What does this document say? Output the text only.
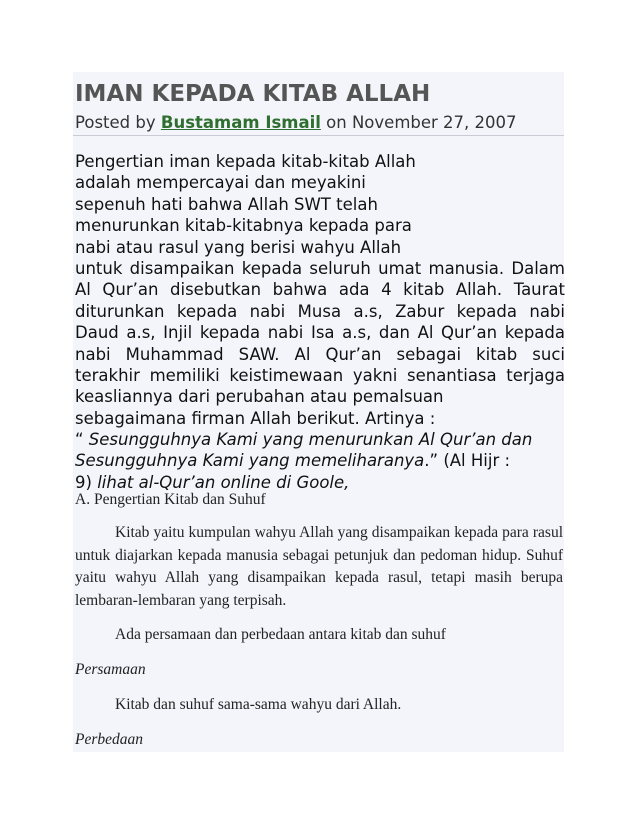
IMAN KEPADA KITAB ALLAH
Posted by Bustamam Ismail on November 27, 2007
Pengertian iman kepada kitab-kitab Allah
adalah mempercayai dan meyakini
sepenuh hati bahwa Allah SWT telah
menurunkan kitab-kitabnya kepada para
nabi atau rasul yang berisi wahyu Allah
untuk disampaikan kepada seluruh umat manusia. Dalam
Al Qur’an disebutkan bahwa ada 4 kitab Allah. Taurat
diturunkan kepada nabi Musa a.s, Zabur kepada nabi
Daud a.s, Injil kepada nabi Isa a.s, dan Al Qur’an kepada
nabi Muhammad SAW. Al Qur’an sebagai kitab suci
terakhir memiliki keistimewaan yakni senantiasa terjaga
keasliannya dari perubahan atau pemalsuan
sebagaimana firman Allah berikut. Artinya :
“ Sesungguhnya Kami yang menurunkan Al Qur’an dan
Sesungguhnya Kami yang memeliharanya.” (Al Hijr :
9) lihat al-Qur’an online di Goole,
A. Pengertian Kitab dan Suhuf

Kitab yaitu kumpulan wahyu Allah yang disampaikan kepada para rasul untuk diajarkan kepada manusia sebagai petunjuk dan pedoman hidup. Suhuf yaitu wahyu Allah yang disampaikan kepada rasul, tetapi masih berupa lembaran-lembaran yang terpisah.

Ada persamaan dan perbedaan antara kitab dan suhuf
Persamaan
Kitab dan suhuf sama-sama wahyu dari Allah.
Perbedaan
